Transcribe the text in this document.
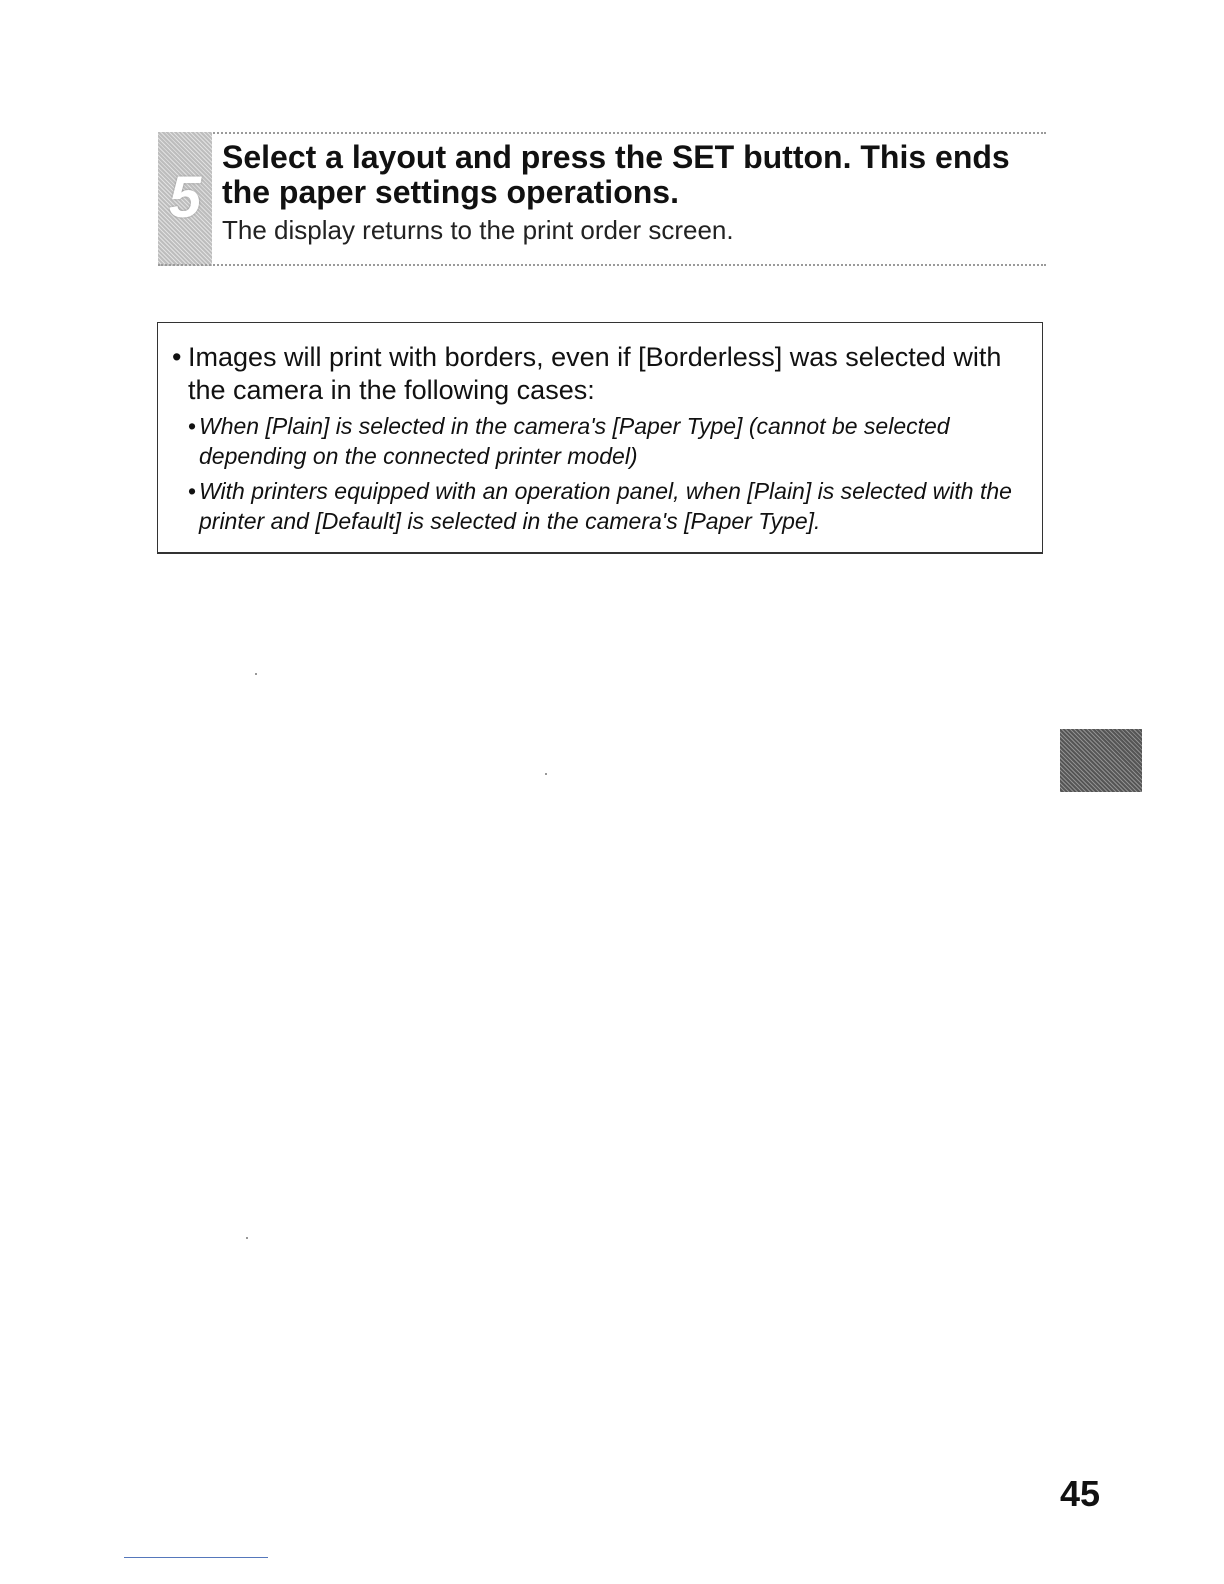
5
Select a layout and press the SET button. This ends the paper settings operations.

The display returns to the print order screen.

• Images will print with borders, even if [Borderless] was selected with the camera in the following cases:
• When [Plain] is selected in the camera's [Paper Type] (cannot be selected depending on the connected printer model)
• With printers equipped with an operation panel, when [Plain] is selected with the printer and [Default] is selected in the camera's [Paper Type].
45
